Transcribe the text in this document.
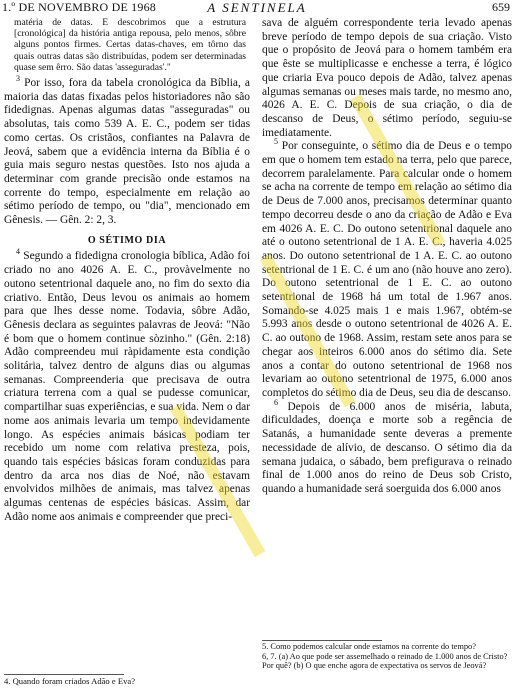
1.º DE NOVEMBRO DE 1968	A SENTINELA	659

matéria de datas. E descobrimos que a estrutura [cronológica] da história antiga repousa, pelo menos, sôbre alguns pontos firmes. Certas datas-chaves, em tôrno das quais outras datas são distribuídas, podem ser determinadas quase sem êrro. São datas 'asseguradas'."

$^3$ Por isso, fora da tabela cronológica da Bíblia, a maioria das datas fixadas pelos historiadores não são fidedignas. Apenas algumas datas "asseguradas" ou absolutas, tais como 539 A. E. C., podem ser tidas como certas. Os cristãos, confiantes na Palavra de Jeová, sabem que a evidência interna da Bíblia é o guia mais seguro nestas questões. Isto nos ajuda a determinar com grande precisão onde estamos na corrente do tempo, especialmente em relação ao sétimo período de tempo, ou "dia", mencionado em Gênesis. — Gên. 2: 2, 3.

O SÉTIMO DIA

$^4$ Segundo a fidedigna cronologia bíblica, Adão foi criado no ano 4026 A. E. C., provàvelmente no outono setentrional daquele ano, no fim do sexto dia criativo. Então, Deus levou os animais ao homem para que lhes desse nome. Todavia, sôbre Adão, Gênesis declara as seguintes palavras de Jeová: "Não é bom que o homem continue sòzinho." (Gên. 2:18) Adão compreendeu mui ràpidamente esta condição solitária, talvez dentro de alguns dias ou algumas semanas. Compreenderia que precisava de outra criatura terrena com a qual se pudesse comunicar, compartilhar suas experiências, e sua vida. Nem o dar nome aos animais levaria um tempo indevidamente longo. As espécies animais básicas podiam ter recebido um nome com relativa presteza, pois, quando tais espécies básicas foram conduzidas para dentro da arca nos dias de Noé, não estavam envolvidos milhões de animais, mas talvez apenas algumas centenas de espécies básicas. Assim, dar Adão nome aos animais e compreender que preci-

4. Quando foram criados Adão e Eva?

sava de alguém correspondente teria levado apenas breve período de tempo depois de sua criação. Visto que o propósito de Jeová para o homem também era que êste se multiplicasse e enchesse a terra, é lógico que criaria Eva pouco depois de Adão, talvez apenas algumas semanas ou meses mais tarde, no mesmo ano, 4026 A. E. C. Depois de sua criação, o dia de descanso de Deus, o sétimo período, seguiu-se imediatamente.

$^5$ Por conseguinte, o sétimo dia de Deus e o tempo em que o homem tem estado na terra, pelo que parece, decorrem paralelamente. Para calcular onde o homem se acha na corrente de tempo em relação ao sétimo dia de Deus de 7.000 anos, precisamos determinar quanto tempo decorreu desde o ano da criação de Adão e Eva em 4026 A. E. C. Do outono setentrional daquele ano até o outono setentrional de 1 A. E. C., haveria 4.025 anos. Do outono setentrional de 1 A. E. C. ao outono setentrional de 1 E. C. é um ano (não houve ano zero). Do outono setentrional de 1 E. C. ao outono setentrional de 1968 há um total de 1.967 anos. Somando-se 4.025 mais 1 e mais 1.967, obtém-se 5.993 anos desde o outono setentrional de 4026 A. E. C. ao outono de 1968. Assim, restam sete anos para se chegar aos inteiros 6.000 anos do sétimo dia. Sete anos a contar do outono setentrional de 1968 nos levariam ao outono setentrional de 1975, 6.000 anos completos do sétimo dia de Deus, seu dia de descanso.

$^6$ Depois de 6.000 anos de miséria, labuta, dificuldades, doença e morte sob a regência de Satanás, a humanidade sente deveras a premente necessidade de alívio, de descanso. O sétimo dia da semana judaica, o sábado, bem prefigurava o reinado final de 1.000 anos do reino de Deus sob Cristo, quando a humanidade será soerguida dos 6.000 anos

5. Como podemos calcular onde estamos na corrente do tempo?
6, 7. (a) Ao que pode ser assemelhado o reinado de 1.000 anos de Cristo? Por quê? (b) O que enche agora de expectativa os servos de Jeová?
